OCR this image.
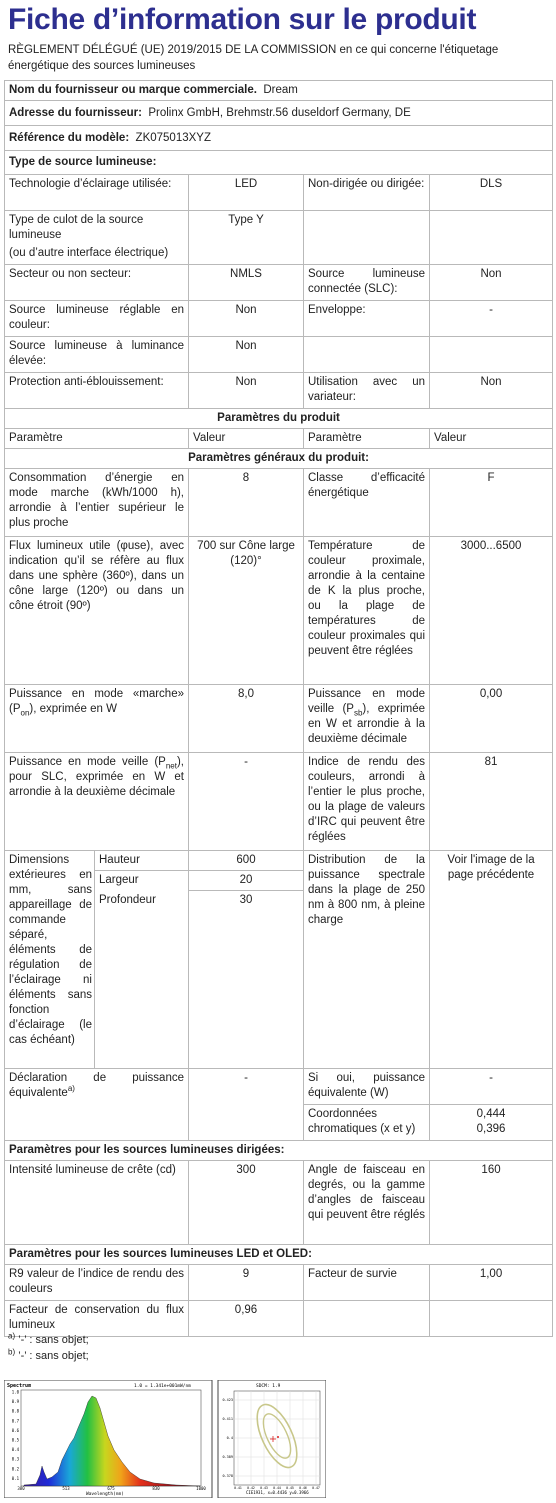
Fiche d’information sur le produit
RÈGLEMENT DÉLÉGUÉ (UE) 2019/2015 DE LA COMMISSION en ce qui concerne l'étiquetage énergétique des sources lumineuses
Nom du fournisseur ou marque commerciale. Dream				
Adresse du fournisseur: Prolinx GmbH, Brehmstr.56 duseldorf Germany, DE				
Référence du modèle: ZK075013XYZ				
Type de source lumineuse:				
Technologie d’éclairage utilisée:		LED	Non-dirigée ou dirigée:	DLS

Type de culot de la source lumineuse
(ou d’autre interface électrique)		Type Y		
Secteur ou non secteur:		NMLS	Source lumineuse connectée (SLC):	Non
Source lumineuse réglable en couleur:		Non	Enveloppe:	-
Source lumineuse à luminance élevée:		Non		
Protection anti-éblouissement:		Non	Utilisation avec un variateur:	Non
Paramètres du produit				
Paramètre		Valeur	Paramètre	Valeur
Paramètres généraux du produit:				
Consommation d’énergie en mode marche (kWh/1000 h), arrondie à l’entier supérieur le plus proche		8	Classe d’efficacité énergétique	F
Flux lumineux utile (φuse), avec indication qu’il se réfère au flux dans une sphère (360º), dans un cône large (120º) ou dans un cône étroit (90º)		700 sur Cône large (120)°	Température de couleur proximale, arrondie à la centaine de K la plus proche, ou la plage de températures de couleur proximales qui peuvent être réglées	3000...6500
Puissance en mode «marche» $(P_{on})$, exprimée en W		8,0	Puissance en mode veille $(P_{sb})$, exprimée en W et arrondie à la deuxième décimale	0,00
Puissance en mode veille $(P_{net})$, pour SLC, exprimée en W et arrondie à la deuxième décimale		-	Indice de rendu des couleurs, arrondi à l’entier le plus proche, ou la plage de valeurs d’IRC qui peuvent être réglées	81
Dimensions extérieures en mm, sans appareillage de commande séparé, éléments de régulation de l’éclairage ni éléments sans fonction d’éclairage (le cas échéant)	Hauteur	600	Distribution de la puissance spectrale dans la plage de 250 nm à 800 nm, à pleine charge	Voir l'image de la page précédente
	Largeur	20		
	Profondeur	30		
Déclaration de puissance équivalente$^{a)}$		-	Si oui, puissance équivalente (W)	-
			Coordonnées chromatiques (x et y)	0,444
0,396

Paramètres pour les sources lumineuses dirigées:				
Intensité lumineuse de crête (cd)		300	Angle de faisceau en degrés, ou la gamme d’angles de faisceau qui peuvent être réglés	160
Paramètres pour les sources lumineuses LED et OLED:				
R9 valeur de l’indice de rendu des couleurs		9	Facteur de survie	1,00
Facteur de conservation du flux lumineux		0,96		
$^{a)}$ ’-’ : sans objet;
$^{b)}$ ’-’ : sans objet;
Spectrum	1.0 = 1.341e+001mW/nm
1.0
0.9
0.8
0.7
0.6
0.5
0.4
0.3
0.2
0.1
380	513	675	830	1000
Wavelength(nm)
SDCM: 1.9
0.423
0.411
0.4
0.389
0.378
0.41 0.42 0.43 0.44 0.45 0.46 0.47
CIE1931, x=0.4436 y=0.3966
